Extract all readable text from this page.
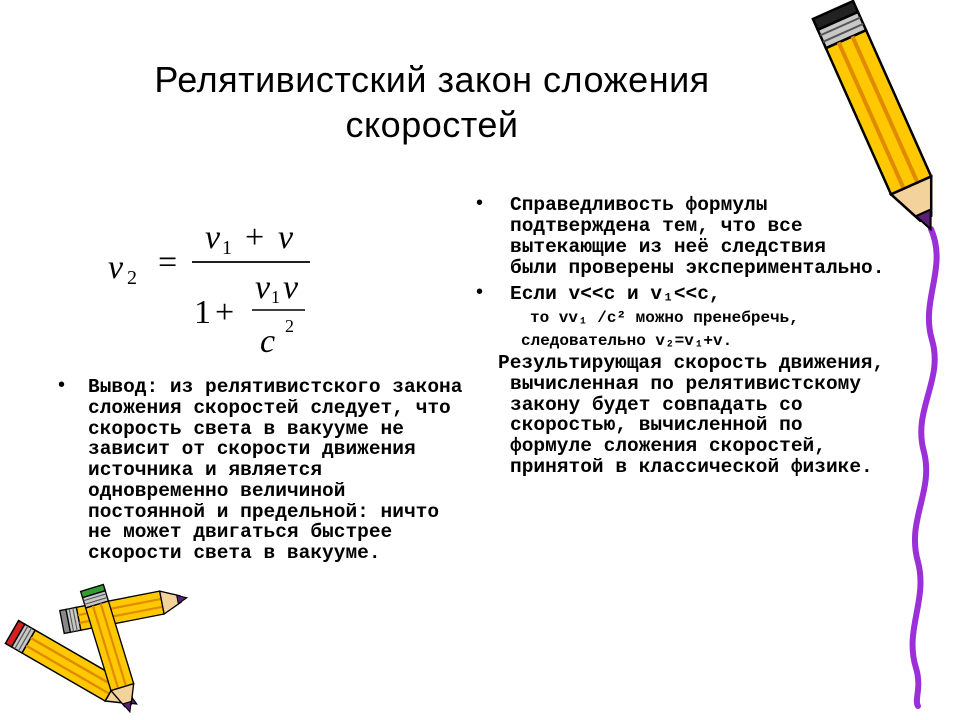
Релятивистский закон сложения
скоростей
v 2 =
v 1 + v
1 +
v 1 v
c 2
• Вывод: из релятивистского закона
сложения скоростей следует, что
скорость света в вакууме не
зависит от скорости движения
источника и является
одновременно величиной
постоянной и предельной: ничто
не может двигаться быстрее
скорости света в вакууме.
• Справедливость формулы
подтверждена тем, что все
вытекающие из неё следствия
были проверены экспериментально.
• Если v<<c и v₁<<c,
то vv₁ /c² можно пренебречь,
следовательно v₂=v₁+v.
Результирующая скорость движения,
вычисленная по релятивистскому
закону будет совпадать со
скоростью, вычисленной по
формуле сложения скоростей,
принятой в классической физике.
